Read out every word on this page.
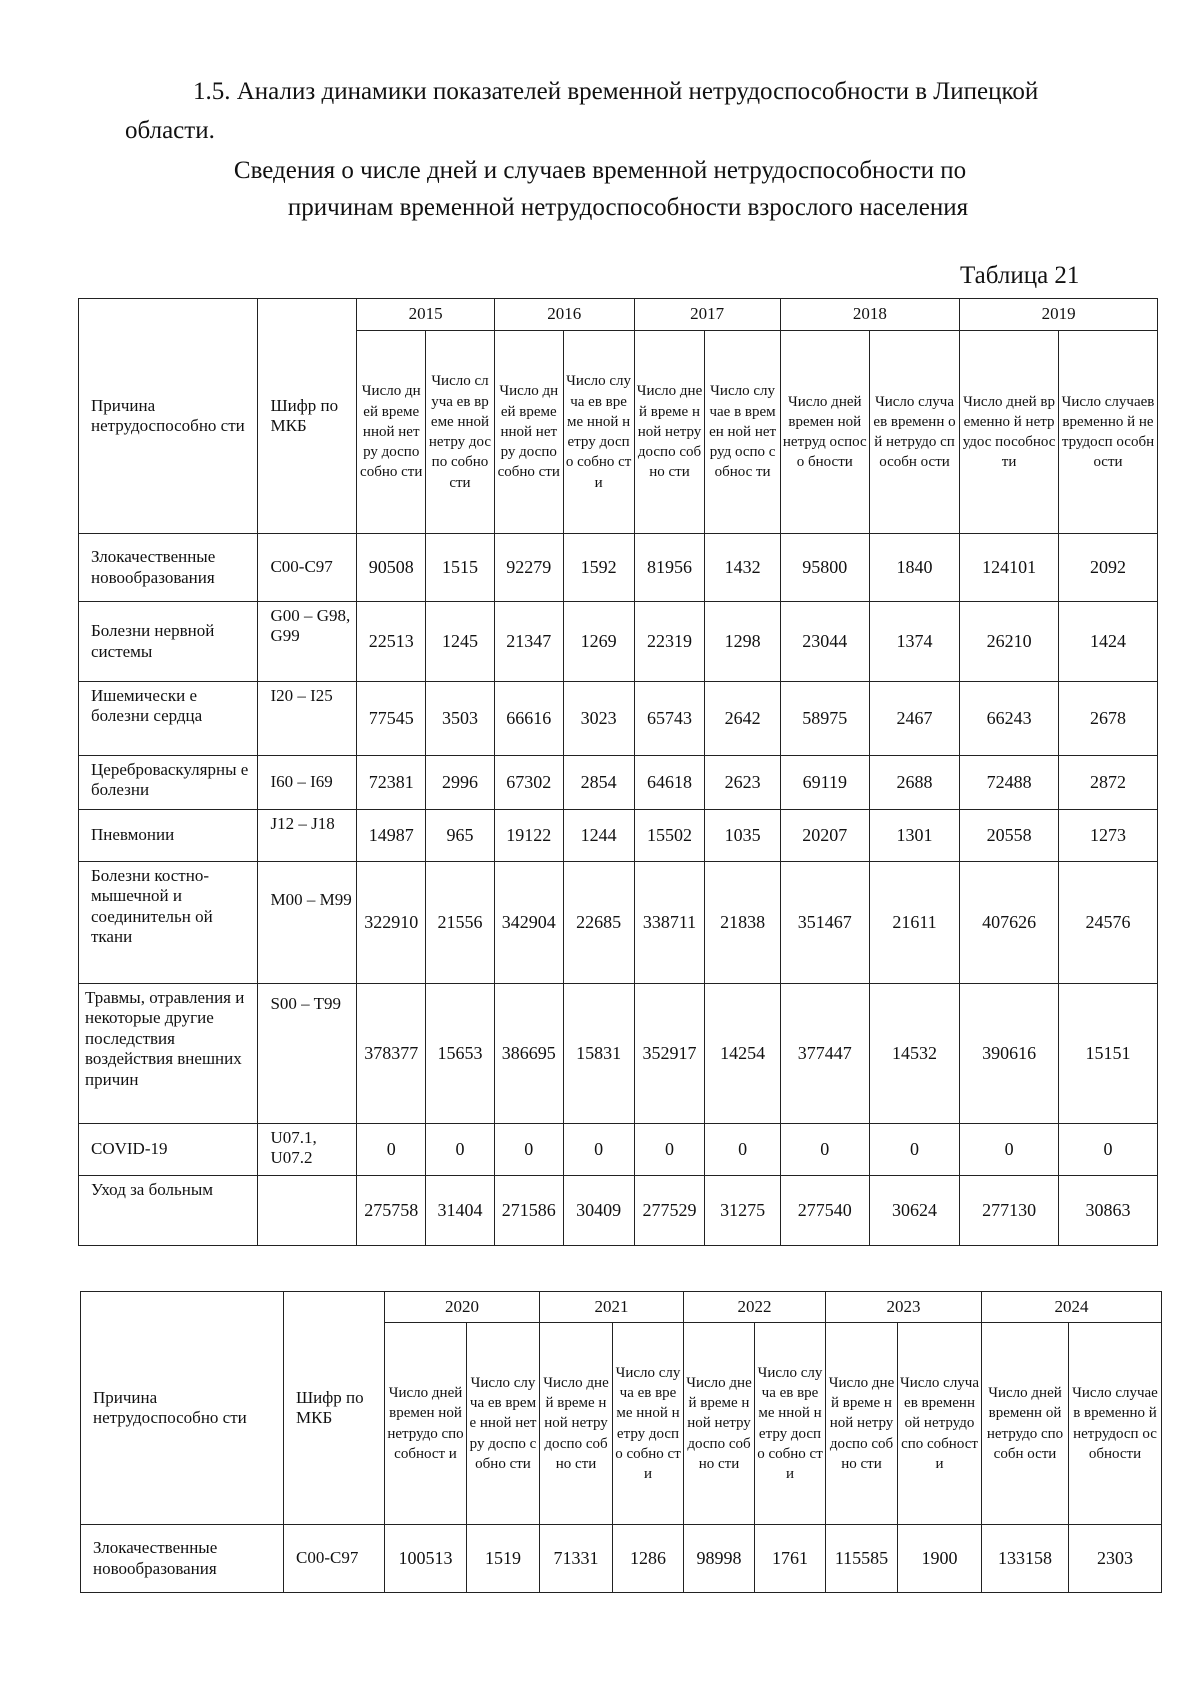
1.5. Анализ динамики показателей временной нетрудоспособности в Липецкой
области.
Сведения о числе дней и случаев временной нетрудоспособности по
причинам временной нетрудоспособности взрослого населения
Таблица 21
Причина нетрудоспособно сти	Шифр по МКБ	2015		2016		2017		2018		2019	
		Число дней време нной нетру доспо собно сти	Число случа ев време нной нетру доспо собно сти	Число дней време нной нетру доспо собно сти	Число случа ев време нной нетру доспо собно сти	Число дней време нной нетру доспо собно сти	Число случае в времен ной нетруд оспо собнос ти	Число дней времен ной нетруд оспосо бности	Число случаев временн ой нетрудо способн ости	Число дней временно й нетрудос пособнос ти	Число случаев временно й нетрудосп особности
Злокачественные новообразования	C00-C97	90508	1515	92279	1592	81956	1432	95800	1840	124101	2092
Болезни нервной системы	G00 – G98, G99	22513	1245	21347	1269	22319	1298	23044	1374	26210	1424
Ишемически е болезни сердца	I20 – I25	77545	3503	66616	3023	65743	2642	58975	2467	66243	2678
Цереброваскулярны е болезни	I60 – I69	72381	2996	67302	2854	64618	2623	69119	2688	72488	2872
Пневмонии	J12 – J18	14987	965	19122	1244	15502	1035	20207	1301	20558	1273
Болезни костно- мышечной и соединительн ой ткани	M00 – M99	322910	21556	342904	22685	338711	21838	351467	21611	407626	24576
Травмы, отравления и некоторые другие последствия воздействия внешних причин	S00 – T99	378377	15653	386695	15831	352917	14254	377447	14532	390616	15151
COVID-19	U07.1, U07.2	0	0	0	0	0	0	0	0	0	0
Уход за больным		275758	31404	271586	30409	277529	31275	277540	30624	277130	30863
Причина нетрудоспособно сти	Шифр по МКБ	2020		2021		2022		2023		2024	
		Число дней времен ной нетрудо спо собност и	Число случа ев време нной нетру доспо собно сти	Число дней време нной нетру доспо собно сти	Число случа ев време нной нетру доспо собно сти	Число дней време нной нетру доспо собно сти	Число случа ев време нной нетру доспо собно сти	Число дней време нной нетру доспо собно сти	Число случаев временн ой нетрудо спо собност и	Число дней временн ой нетрудо способн ости	Число случаев временно й нетрудосп особности
Злокачественные новообразования	C00-C97	100513	1519	71331	1286	98998	1761	115585	1900	133158	2303
